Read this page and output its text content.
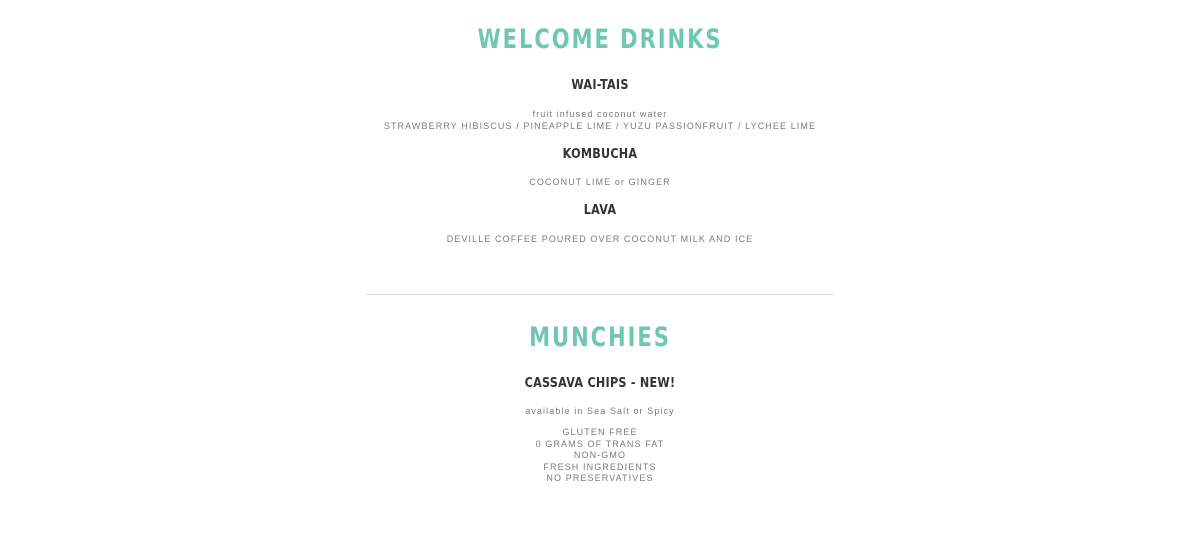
WELCOME DRINKS
WAI-TAIS
fruit infused coconut water
STRAWBERRY HIBISCUS / PINEAPPLE LIME / YUZU PASSIONFRUIT / LYCHEE LIME
KOMBUCHA
COCONUT LIME or GINGER
LAVA
DEVILLE COFFEE POURED OVER COCONUT MILK AND ICE
MUNCHIES
CASSAVA CHIPS - NEW!
available in Sea Salt or Spicy
GLUTEN FREE
0 GRAMS OF TRANS FAT
NON-GMO
FRESH INGREDIENTS
NO PRESERVATIVES
